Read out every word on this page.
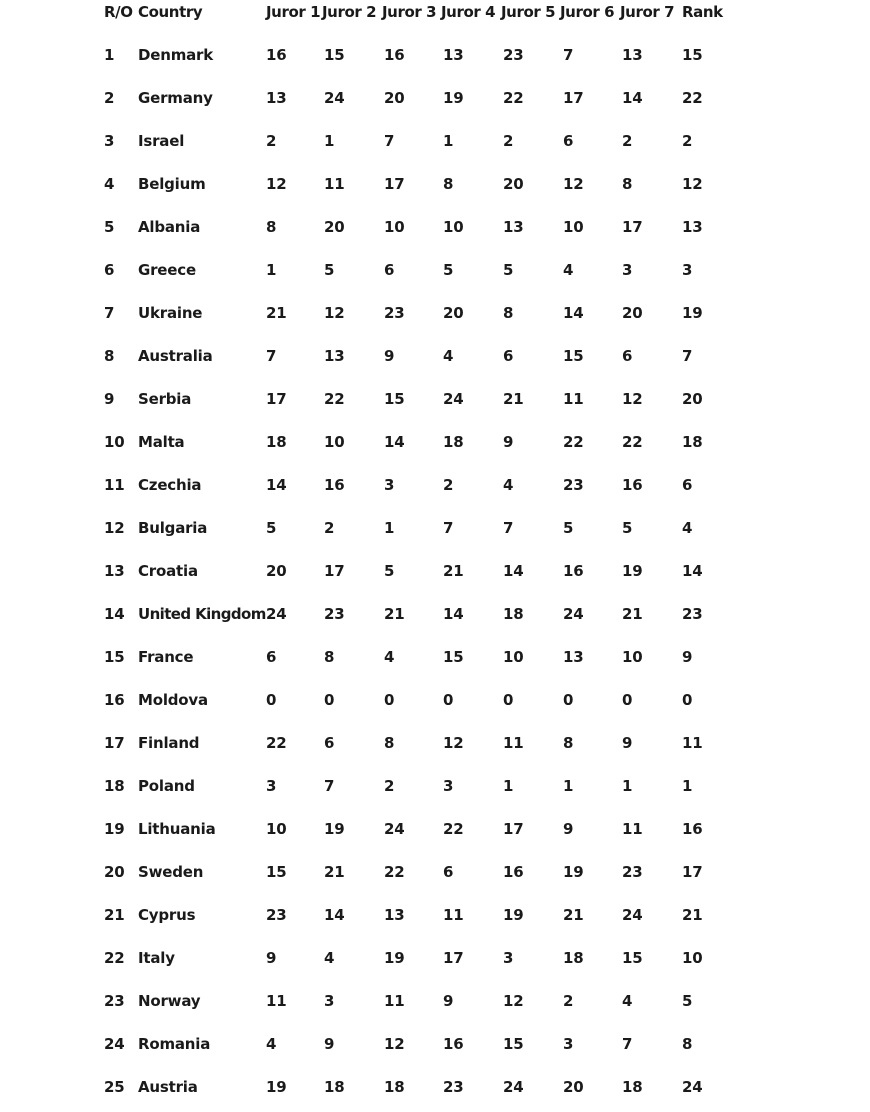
R/O Country	Juror 1 Juror 2 Juror 3 Juror 4 Juror 5 Juror 6 Juror 7 Rank
1 Denmark	16	15	16	13	23	7	13	15
2 Germany	13	24	20	19	22	17	14	22
3 Israel	2	1	7	1	2	6	2	2
4 Belgium	12	11	17	8	20	12	8	12
5 Albania	8	20	10	10	13	10	17	13
6 Greece	1	5	6	5	5	4	3	3
7 Ukraine	21	12	23	20	8	14	20	19
8 Australia	7	13	9	4	6	15	6	7
9 Serbia	17	22	15	24	21	11	12	20
10 Malta	18	10	14	18	9	22	22	18
11 Czechia	14	16	3	2	4	23	16	6
12 Bulgaria	5	2	1	7	7	5	5	4
13 Croatia	20	17	5	21	14	16	19	14
14 United Kingdom 24	23	21	14	18	24	21	23
15 France	6	8	4	15	10	13	10	9
16 Moldova	0	0	0	0	0	0	0	0
17 Finland	22	6	8	12	11	8	9	11
18 Poland	3	7	2	3	1	1	1	1
19 Lithuania	10	19	24	22	17	9	11	16
20 Sweden	15	21	22	6	16	19	23	17
21 Cyprus	23	14	13	11	19	21	24	21
22 Italy	9	4	19	17	3	18	15	10
23 Norway	11	3	11	9	12	2	4	5
24 Romania	4	9	12	16	15	3	7	8
25 Austria	19	18	18	23	24	20	18	24
